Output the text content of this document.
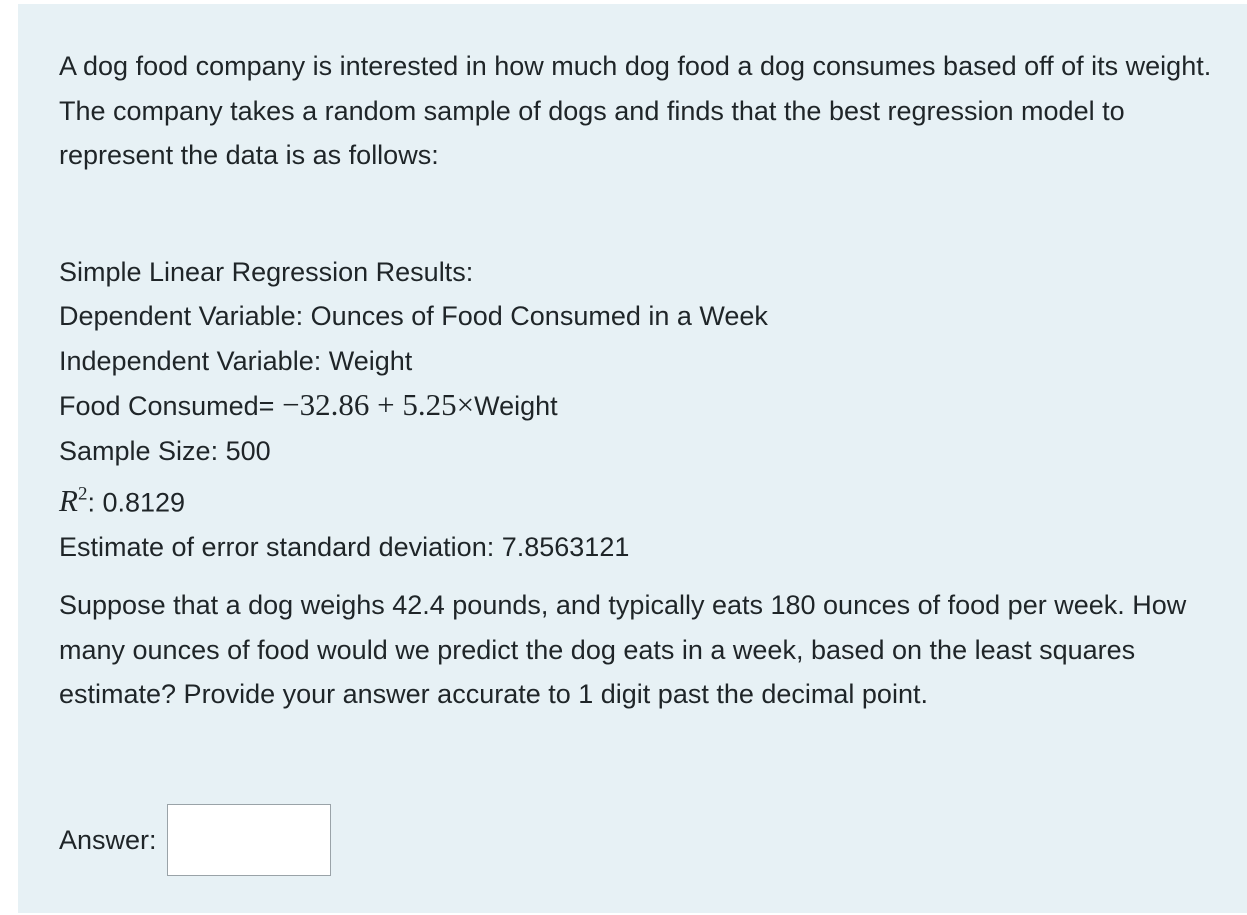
A dog food company is interested in how much dog food a dog consumes based off of its weight. The company takes a random sample of dogs and finds that the best regression model to represent the data is as follows:

Simple Linear Regression Results:
Dependent Variable: Ounces of Food Consumed in a Week
Independent Variable: Weight
Food Consumed= −32.86 + 5.25×Weight
Sample Size: 500
$R^2$: 0.8129
Estimate of error standard deviation: 7.8563121

Suppose that a dog weighs 42.4 pounds, and typically eats 180 ounces of food per week. How many ounces of food would we predict the dog eats in a week, based on the least squares estimate? Provide your answer accurate to 1 digit past the decimal point.

Answer:
